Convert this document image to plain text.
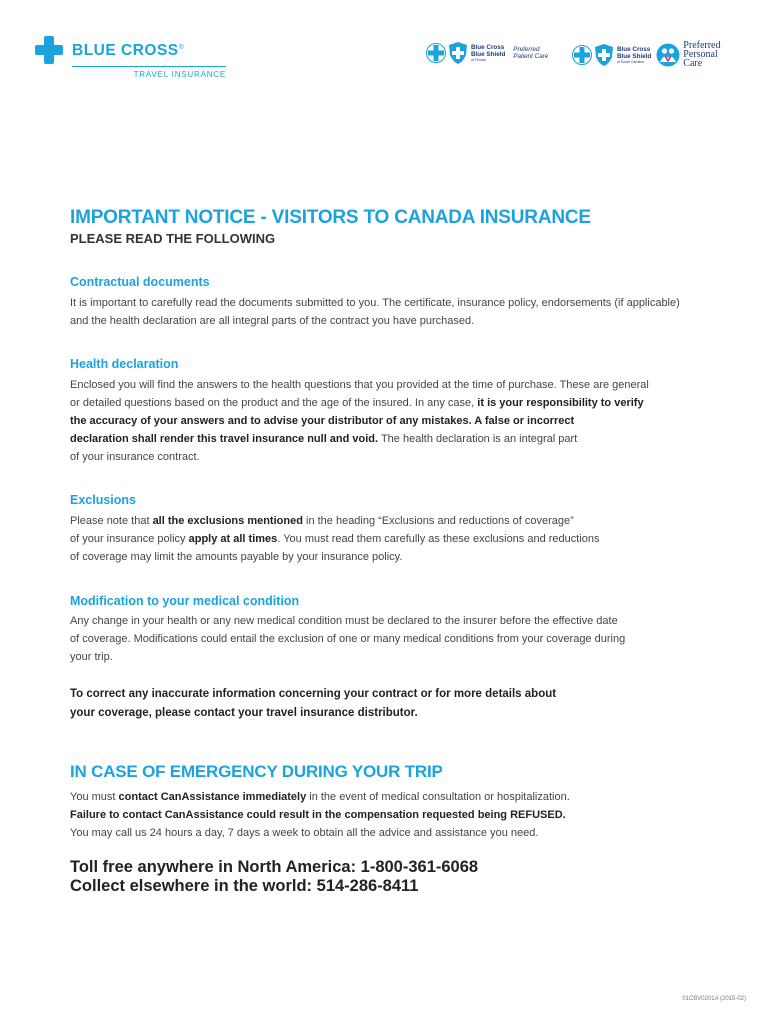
BLUE CROSS®
TRAVEL INSURANCE
Blue Cross
Blue Shield
of Florida
Preferred
Patient Care
Blue Cross
Blue Shield
of South Carolina
Preferred
Personal
Care
IMPORTANT NOTICE - VISITORS TO CANADA INSURANCE
PLEASE READ THE FOLLOWING
Contractual documents
It is important to carefully read the documents submitted to you. The certificate, insurance policy, endorsements (if applicable)
and the health declaration are all integral parts of the contract you have purchased.
Health declaration
Enclosed you will find the answers to the health questions that you provided at the time of purchase. These are general
or detailed questions based on the product and the age of the insured. In any case, it is your responsibility to verify
the accuracy of your answers and to advise your distributor of any mistakes. A false or incorrect
declaration shall render this travel insurance null and void. The health declaration is an integral part
of your insurance contract.
Exclusions
Please note that all the exclusions mentioned in the heading “Exclusions and reductions of coverage”
of your insurance policy apply at all times. You must read them carefully as these exclusions and reductions
of coverage may limit the amounts payable by your insurance policy.
Modification to your medical condition
Any change in your health or any new medical condition must be declared to the insurer before the effective date
of coverage. Modifications could entail the exclusion of one or many medical conditions from your coverage during
your trip.
To correct any inaccurate information concerning your contract or for more details about
your coverage, please contact your travel insurance distributor.
IN CASE OF EMERGENCY DURING YOUR TRIP
You must contact CanAssistance immediately in the event of medical consultation or hospitalization.
Failure to contact CanAssistance could result in the compensation requested being REFUSED.
You may call us 24 hours a day, 7 days a week to obtain all the advice and assistance you need.
Toll free anywhere in North America: 1-800-361-6068
Collect elsewhere in the world: 514-286-8411
01CBV0201A (2015-02)
